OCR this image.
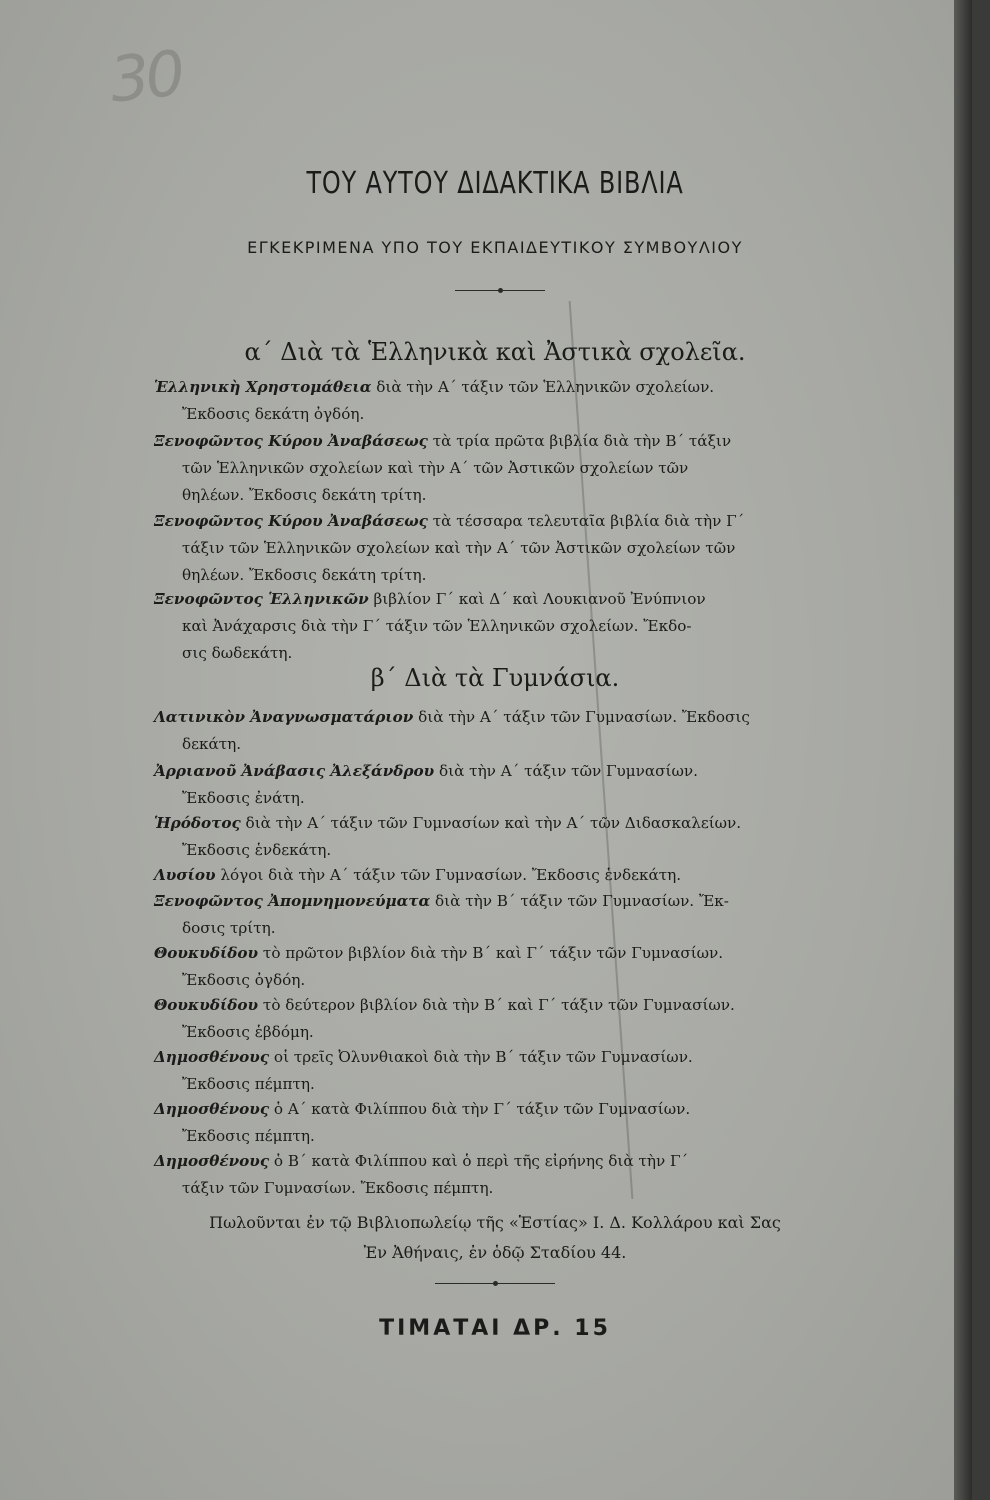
30
ΤΟΥ ΑΥΤΟΥ ΔΙΔΑΚΤΙΚΑ ΒΙΒΛΙΑ
ΕΓΚΕΚΡΙΜΕΝΑ ΥΠΟ ΤΟΥ ΕΚΠΑΙΔΕΥΤΙΚΟΥ ΣΥΜΒΟΥΛΙΟΥ
α΄ Διὰ τὰ Ἑλληνικὰ καὶ Ἀστικὰ σχολεῖα.
Ἑλληνικὴ Χρηστομάθεια διὰ τὴν Α΄ τάξιν τῶν Ἑλληνικῶν σχολείων.
Ἔκδοσις δεκάτη ὀγδόη.
Ξενοφῶντος Κύρου Ἀναβάσεως τὰ τρία πρῶτα βιβλία διὰ τὴν Β΄ τάξιν
τῶν Ἑλληνικῶν σχολείων καὶ τὴν Α΄ τῶν Ἀστικῶν σχολείων τῶν
θηλέων. Ἔκδοσις δεκάτη τρίτη.
Ξενοφῶντος Κύρου Ἀναβάσεως τὰ τέσσαρα τελευταῖα βιβλία διὰ τὴν Γ΄
τάξιν τῶν Ἑλληνικῶν σχολείων καὶ τὴν Α΄ τῶν Ἀστικῶν σχολείων τῶν
θηλέων. Ἔκδοσις δεκάτη τρίτη.
Ξενοφῶντος Ἑλληνικῶν βιβλίον Γ΄ καὶ Δ΄ καὶ Λουκιανοῦ Ἐνύπνιον
καὶ Ἀνάχαρσις διὰ τὴν Γ΄ τάξιν τῶν Ἑλληνικῶν σχολείων. Ἔκδο-
σις δωδεκάτη.
β΄ Διὰ τὰ Γυμνάσια.
Λατινικὸν Ἀναγνωσματάριον διὰ τὴν Α΄ τάξιν τῶν Γυμνασίων. Ἔκδοσις
δεκάτη.
Ἀρριανοῦ Ἀνάβασις Ἀλεξάνδρου διὰ τὴν Α΄ τάξιν τῶν Γυμνασίων.
Ἔκδοσις ἐνάτη.
Ἡρόδοτος διὰ τὴν Α΄ τάξιν τῶν Γυμνασίων καὶ τὴν Α΄ τῶν Διδασκαλείων.
Ἔκδοσις ἑνδεκάτη.
Λυσίου λόγοι διὰ τὴν Α΄ τάξιν τῶν Γυμνασίων. Ἔκδοσις ἑνδεκάτη.
Ξενοφῶντος Ἀπομνημονεύματα διὰ τὴν Β΄ τάξιν τῶν Γυμνασίων. Ἔκ-
δοσις τρίτη.
Θουκυδίδου τὸ πρῶτον βιβλίον διὰ τὴν Β΄ καὶ Γ΄ τάξιν τῶν Γυμνασίων.
Ἔκδοσις ὀγδόη.
Θουκυδίδου τὸ δεύτερον βιβλίον διὰ τὴν Β΄ καὶ Γ΄ τάξιν τῶν Γυμνασίων.
Ἔκδοσις ἑβδόμη.
Δημοσθένους οἱ τρεῖς Ὀλυνθιακοὶ διὰ τὴν Β΄ τάξιν τῶν Γυμνασίων.
Ἔκδοσις πέμπτη.
Δημοσθένους ὁ Α΄ κατὰ Φιλίππου διὰ τὴν Γ΄ τάξιν τῶν Γυμνασίων.
Ἔκδοσις πέμπτη.
Δημοσθένους ὁ Β΄ κατὰ Φιλίππου καὶ ὁ περὶ τῆς εἰρήνης διὰ τὴν Γ΄
τάξιν τῶν Γυμνασίων. Ἔκδοσις πέμπτη.
Πωλοῦνται ἐν τῷ Βιβλιοπωλείῳ τῆς «Ἑστίας» Ι. Δ. Κολλάρου καὶ Σας
Ἐν Ἀθήναις, ἐν ὁδῷ Σταδίου 44.
ΤΙΜΑΤΑΙ ΔΡ. 15
